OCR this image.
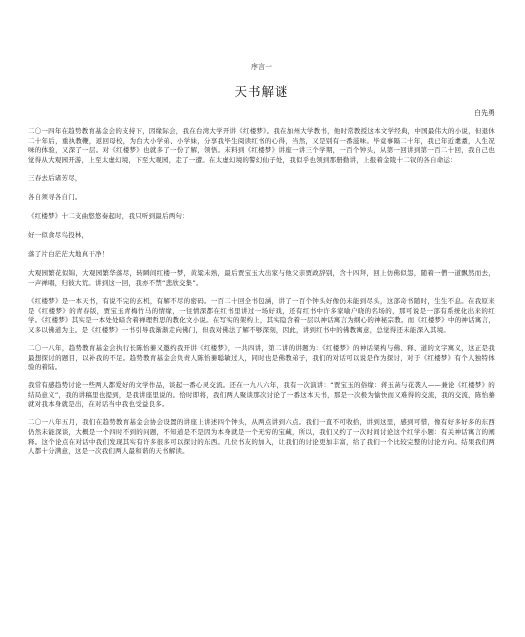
序言一
天书解谜
白先勇

二〇一四年在趋势教育基金会的支持下，因缘际会，我在台湾大学开讲《红楼梦》。我在加州大学教书，他时常教授这本文学经典，中国最伟大的小说，但退休二十年后，重执教鞭，返回母校，为台大小学弟、小学妹，分享我毕生阅读红书的心得，当然，又是别有一番滋味。毕竟事隔二十年，我已年近耄耋，人生况味的体验，又深了一层。对《红楼梦》也就多了一份了解，领悟。未料到《红楼梦》讲座一讲三个学期，一百个钟头，从第一回讲到第一百二十回，我自己也觉得从大观园开游，上至太虚幻境，下至大观园，走了一遭。在太虚幻境的警幻仙子处，我似乎也领到那册勤讲，上报着金陵十二钗的各自命运：

三春去后诸芳尽，

各自须寻各自门。

《红楼梦》十二支曲悠悠奏起时，我只听到最后两句：

好一似食尽鸟投林，

落了片白茫茫大地真干净！

大观园繁花似锦，大观园繁华落尽，转瞬间红楼一梦，黄粱未熟，最后贾宝玉大出家与他父亲贾政辞别，含十四拜，回上仿佛似怨，随着一僧一道飘然而去，一声禅唱，归彼大荒。讲到这一回，我亦不禁“悲欣交集”。

《红楼梦》是一本天书，有说不完的玄机，有解不尽的密码。一百二十回全书包涵，讲了一百个钟头好像仍未能到尽头，这部奇书随时，生生不息。在我原来是《红楼梦》的青春版，贾宝玉青梅竹马的情缘，一往情深都在红书里讲过一场好戏，还有红书中许多家喻户晓的名场的，那可说是一部有系统化出来的红学。《红楼梦》其实是一本处处暗含着禅理哲思的教化文小说。在写实的架构上，其实隐含着一层以神话寓言为纲心的神秘宗教。而《红楼梦》中的神话寓言，又多以佛道为主。是《红楼梦》一书引导我渐渐走向佛门，但我对佛法了解不够深刻，因此，讲到红书中的佛教寓意，总觉得还未能深入其境。

二〇一八年，趋势教育基金会执行长陈怡蓁又邀约我开讲《红楼梦》，一共四讲，第二讲的讲题为：《红楼梦》的神话架构与佛、释、道的文字寓义，这正是我最想探讨的题目，以补我的不足。趋势教育基金会负责人陈怡蓁聪敏过人，同时也是佛教弟子，我们的对话可以说是作为探讨，对于《红楼梦》有个人独特体验的着陆。

我常有感趋势讨论一些两人都爱好的文学作品，谈起一番心灵交流。还在一九八六年，我有一次演讲：“贾宝玉的俗缘：蒋玉菡与花袭人——兼论《红楼梦》的结局意义”，我的讲稿里也提到，是我讲座里说的。恰时即将，我们两人聚谈那次讨论了一番这本天书，那是一次极为愉快而又难得的交流，我的交流，陈怡蓁就对我本身就是出，在对话当中我也受益良多。

二〇一八年五月，我们在趋势教育基金会协会设置的讲座上讲述四个钟头，从两点讲到六点。我们一直不可收拾，讲到这里，感到可惜，像有好多好多的东西仍然未能深谈，大概是一个四时不到的问题，不知道是不是因为本身就是一个无穷的宝藏，所以，我们又约了一次时间讨论这个红学小题：有关神话寓言的阐释。这个论点在对话中我们发现其实有许多很多可以探讨的东西。几位书友的加入，让我们的讨论更加丰富，给了我们一个比较完整的讨论方向。结果我们两人都十分满意，这是一次我们两人最和谐的天书解读。
